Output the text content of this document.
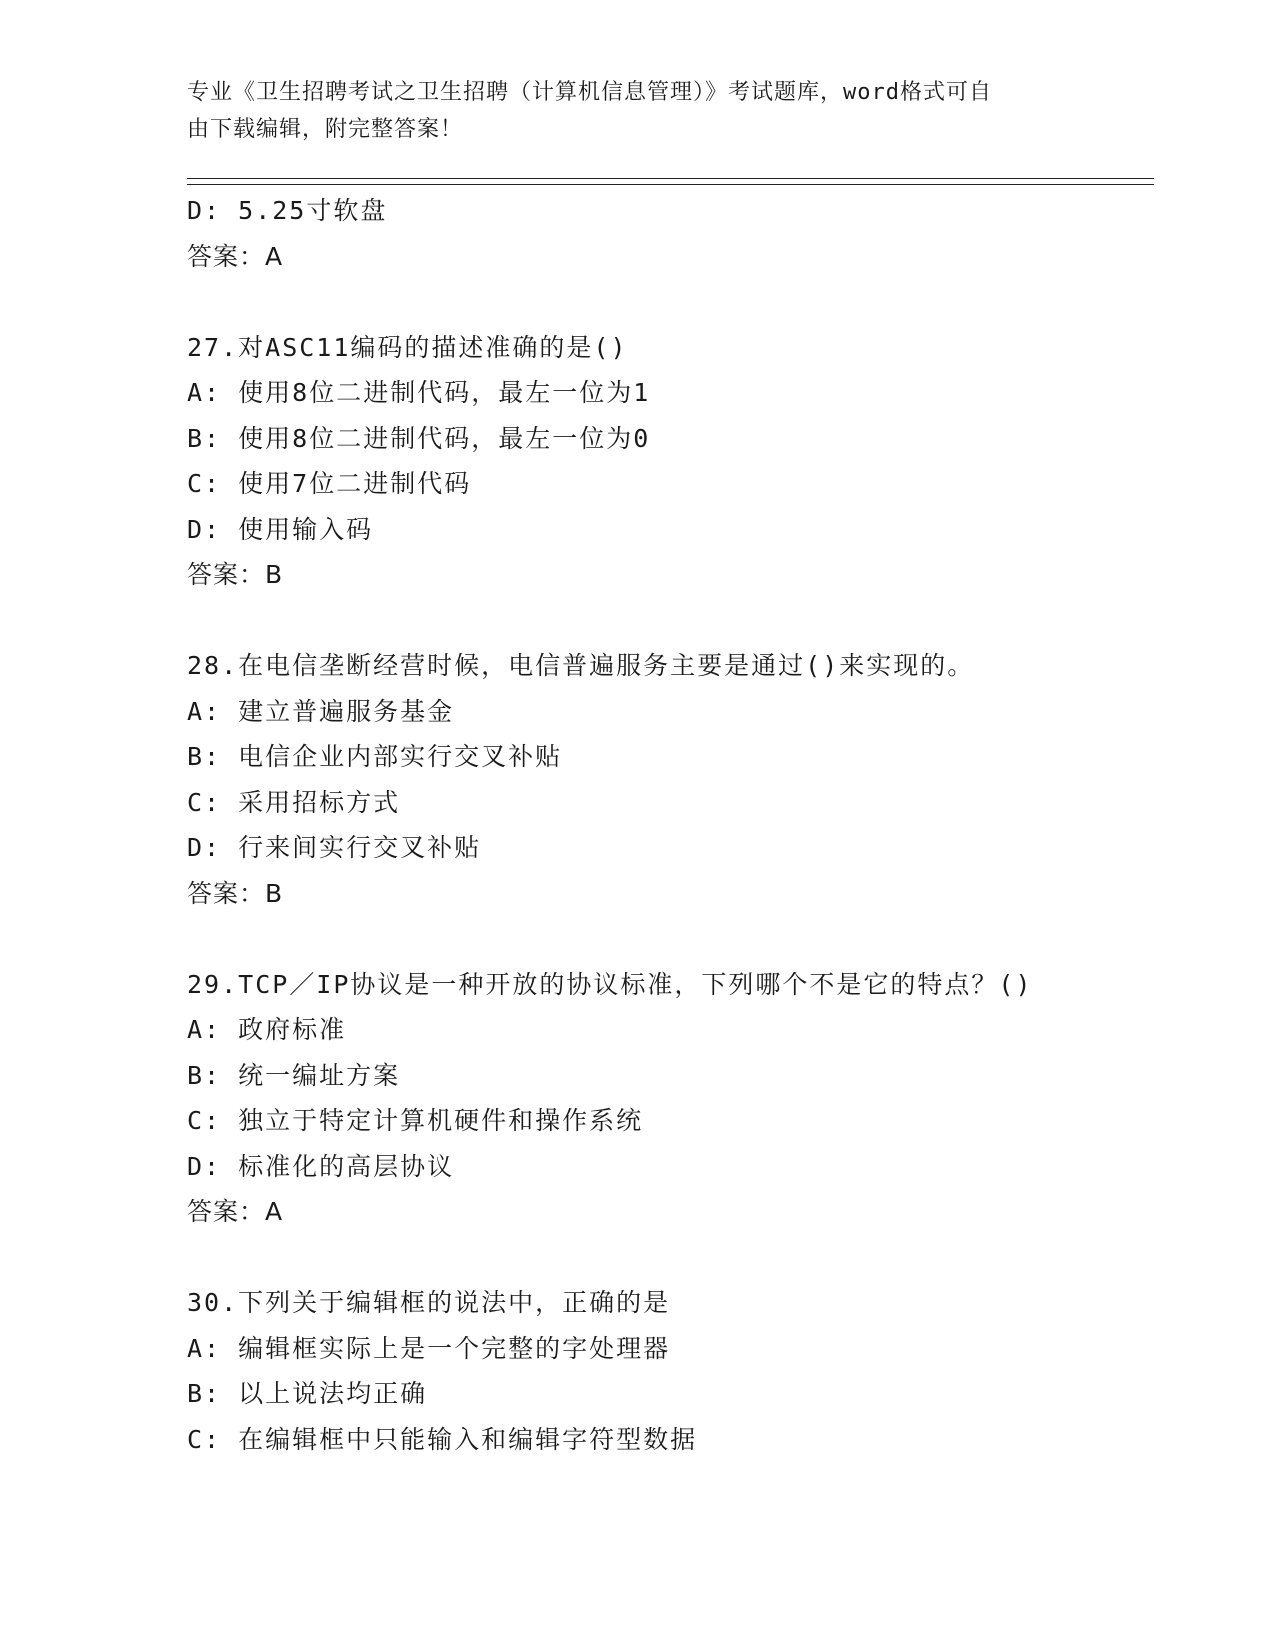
专业《卫生招聘考试之卫生招聘（计算机信息管理）》考试题库，word格式可自
由下载编辑，附完整答案！
D: 5.25寸软盘
答案：A
27.对ASC11编码的描述准确的是()
A: 使用8位二进制代码，最左一位为1
B: 使用8位二进制代码，最左一位为0
C: 使用7位二进制代码
D: 使用输入码
答案：B
28.在电信垄断经营时候，电信普遍服务主要是通过()来实现的。
A: 建立普遍服务基金
B: 电信企业内部实行交叉补贴
C: 采用招标方式
D: 行来间实行交叉补贴
答案：B
29.TCP／IP协议是一种开放的协议标准，下列哪个不是它的特点？()
A: 政府标准
B: 统一编址方案
C: 独立于特定计算机硬件和操作系统
D: 标准化的高层协议
答案：A
30.下列关于编辑框的说法中，正确的是
A: 编辑框实际上是一个完整的字处理器
B: 以上说法均正确
C: 在编辑框中只能输入和编辑字符型数据
